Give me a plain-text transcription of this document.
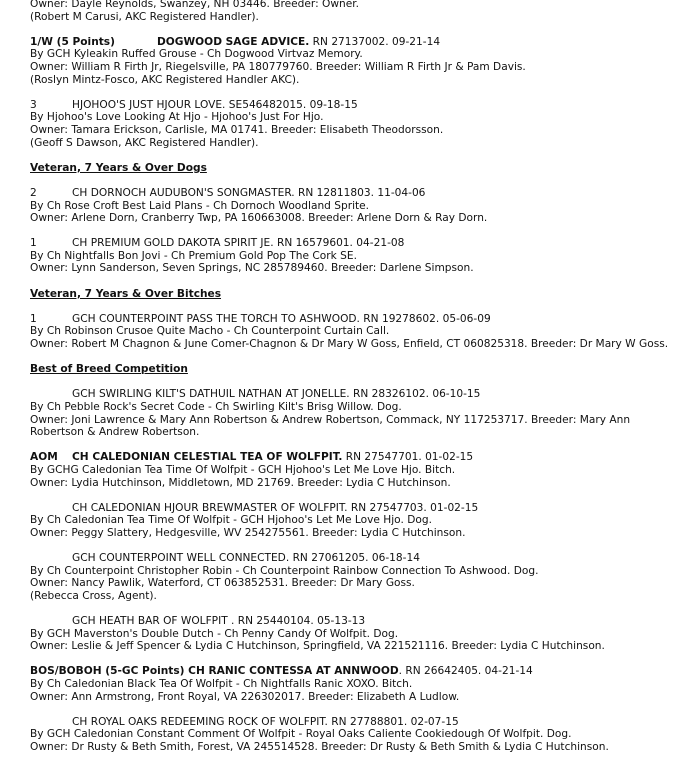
Owner: Dayle Reynolds, Swanzey, NH 03446. Breeder: Owner.
(Robert M Carusi, AKC Registered Handler).
1/W (5 Points)	DOGWOOD SAGE ADVICE. RN 27137002. 09-21-14
By GCH Kyleakin Ruffed Grouse - Ch Dogwood Virtvaz Memory.
Owner: William R Firth Jr, Riegelsville, PA 180779760. Breeder: William R Firth Jr & Pam Davis.
(Roslyn Mintz-Fosco, AKC Registered Handler AKC).
3	HJOHOO'S JUST HJOUR LOVE. SE546482015. 09-18-15
By Hjohoo's Love Looking At Hjo - Hjohoo's Just For Hjo.
Owner: Tamara Erickson, Carlisle, MA 01741. Breeder: Elisabeth Theodorsson.
(Geoff S Dawson, AKC Registered Handler).
Veteran, 7 Years & Over Dogs
2	CH DORNOCH AUDUBON'S SONGMASTER. RN 12811803. 11-04-06
By Ch Rose Croft Best Laid Plans - Ch Dornoch Woodland Sprite.
Owner: Arlene Dorn, Cranberry Twp, PA 160663008. Breeder: Arlene Dorn & Ray Dorn.
1	CH PREMIUM GOLD DAKOTA SPIRIT JE. RN 16579601. 04-21-08
By Ch Nightfalls Bon Jovi - Ch Premium Gold Pop The Cork SE.
Owner: Lynn Sanderson, Seven Springs, NC 285789460. Breeder: Darlene Simpson.
Veteran, 7 Years & Over Bitches
1	GCH COUNTERPOINT PASS THE TORCH TO ASHWOOD. RN 19278602. 05-06-09
By Ch Robinson Crusoe Quite Macho - Ch Counterpoint Curtain Call.
Owner: Robert M Chagnon & June Comer-Chagnon & Dr Mary W Goss, Enfield, CT 060825318. Breeder: Dr Mary W Goss.
Best of Breed Competition
GCH SWIRLING KILT'S DATHUIL NATHAN AT JONELLE. RN 28326102. 06-10-15
By Ch Pebble Rock's Secret Code - Ch Swirling Kilt's Brisg Willow. Dog.
Owner: Joni Lawrence & Mary Ann Robertson & Andrew Robertson, Commack, NY 117253717. Breeder: Mary Ann
Robertson & Andrew Robertson.
AOM CH CALEDONIAN CELESTIAL TEA OF WOLFPIT. RN 27547701. 01-02-15
By GCHG Caledonian Tea Time Of Wolfpit - GCH Hjohoo's Let Me Love Hjo. Bitch.
Owner: Lydia Hutchinson, Middletown, MD 21769. Breeder: Lydia C Hutchinson.
CH CALEDONIAN HJOUR BREWMASTER OF WOLFPIT. RN 27547703. 01-02-15
By Ch Caledonian Tea Time Of Wolfpit - GCH Hjohoo's Let Me Love Hjo. Dog.
Owner: Peggy Slattery, Hedgesville, WV 254275561. Breeder: Lydia C Hutchinson.
GCH COUNTERPOINT WELL CONNECTED. RN 27061205. 06-18-14
By Ch Counterpoint Christopher Robin - Ch Counterpoint Rainbow Connection To Ashwood. Dog.
Owner: Nancy Pawlik, Waterford, CT 063852531. Breeder: Dr Mary Goss.
(Rebecca Cross, Agent).
GCH HEATH BAR OF WOLFPIT . RN 25440104. 05-13-13
By GCH Maverston's Double Dutch - Ch Penny Candy Of Wolfpit. Dog.
Owner: Leslie & Jeff Spencer & Lydia C Hutchinson, Springfield, VA 221521116. Breeder: Lydia C Hutchinson.
BOS/BOBOH (5-GC Points) CH RANIC CONTESSA AT ANNWOOD. RN 26642405. 04-21-14
By Ch Caledonian Black Tea Of Wolfpit - Ch Nightfalls Ranic XOXO. Bitch.
Owner: Ann Armstrong, Front Royal, VA 226302017. Breeder: Elizabeth A Ludlow.
CH ROYAL OAKS REDEEMING ROCK OF WOLFPIT. RN 27788801. 02-07-15
By GCH Caledonian Constant Comment Of Wolfpit - Royal Oaks Caliente Cookiedough Of Wolfpit. Dog.
Owner: Dr Rusty & Beth Smith, Forest, VA 245514528. Breeder: Dr Rusty & Beth Smith & Lydia C Hutchinson.
